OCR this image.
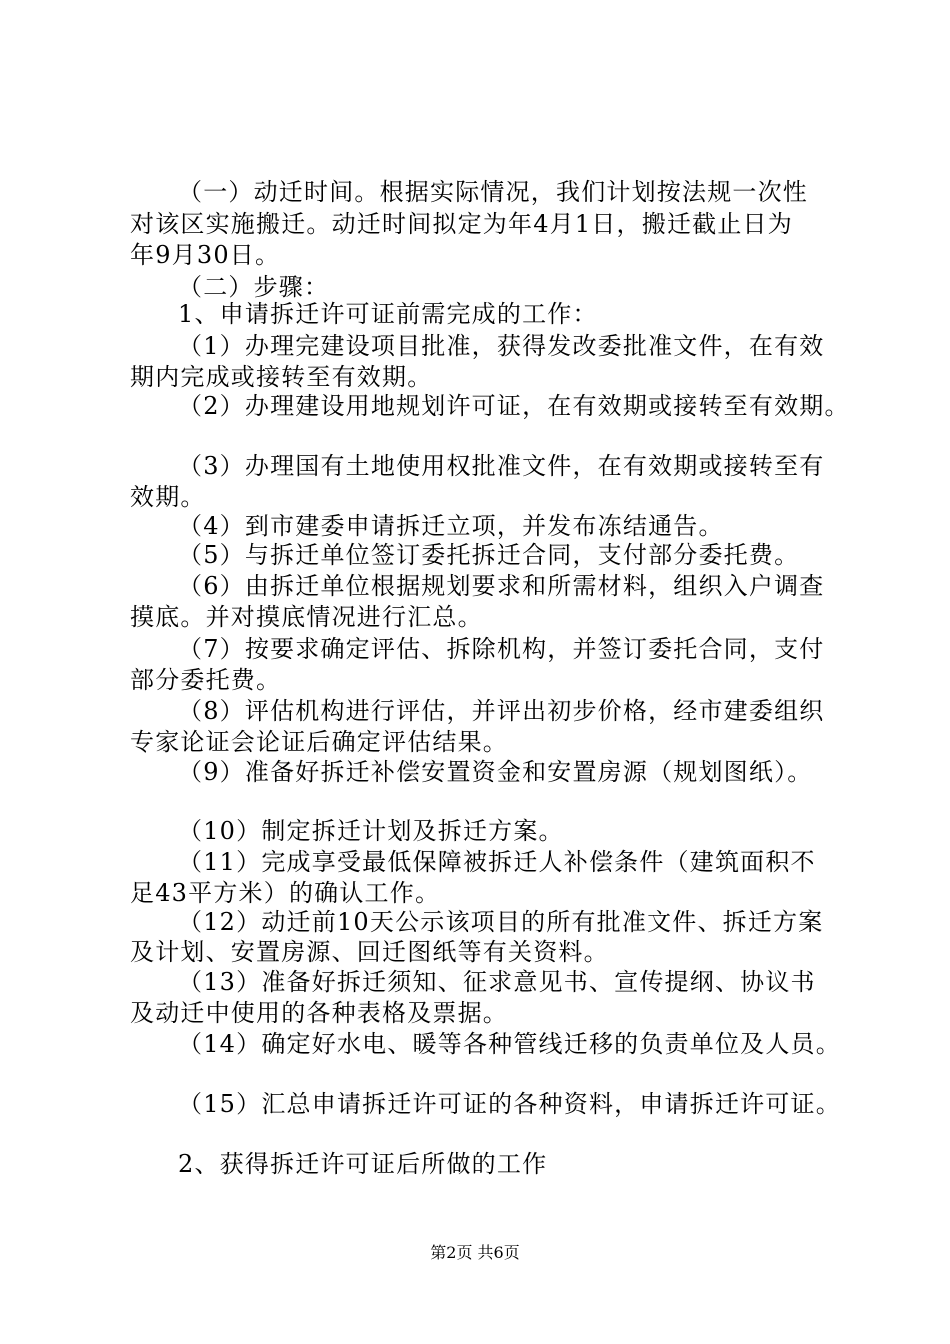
（一）动迁时间。根据实际情况，我们计划按法规一次性
对该区实施搬迁。动迁时间拟定为年4月1日，搬迁截止日为
年9月30日。
（二）步骤：
1、申请拆迁许可证前需完成的工作：
（1）办理完建设项目批准，获得发改委批准文件，在有效
期内完成或接转至有效期。
（2）办理建设用地规划许可证，在有效期或接转至有效期。
（3）办理国有土地使用权批准文件，在有效期或接转至有
效期。
（4）到市建委申请拆迁立项，并发布冻结通告。
（5）与拆迁单位签订委托拆迁合同，支付部分委托费。
（6）由拆迁单位根据规划要求和所需材料，组织入户调查
摸底。并对摸底情况进行汇总。
（7）按要求确定评估、拆除机构，并签订委托合同，支付
部分委托费。
（8）评估机构进行评估，并评出初步价格，经市建委组织
专家论证会论证后确定评估结果。
（9）准备好拆迁补偿安置资金和安置房源（规划图纸）。
（10）制定拆迁计划及拆迁方案。
（11）完成享受最低保障被拆迁人补偿条件（建筑面积不
足43平方米）的确认工作。
（12）动迁前10天公示该项目的所有批准文件、拆迁方案
及计划、安置房源、回迁图纸等有关资料。
（13）准备好拆迁须知、征求意见书、宣传提纲、协议书
及动迁中使用的各种表格及票据。
（14）确定好水电、暖等各种管线迁移的负责单位及人员。
（15）汇总申请拆迁许可证的各种资料，申请拆迁许可证。
2、获得拆迁许可证后所做的工作
第2页 共6页
